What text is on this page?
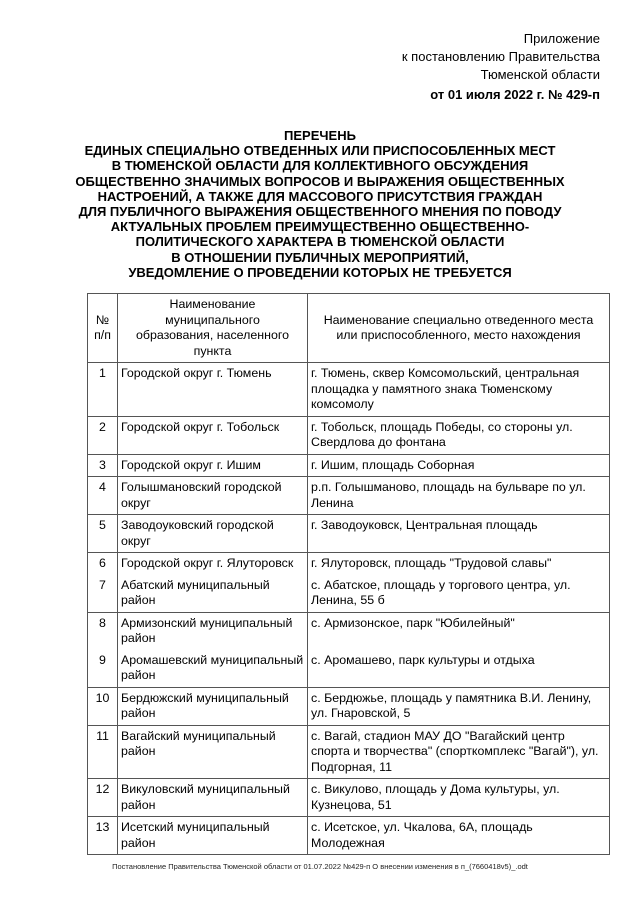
Приложение
к постановлению Правительства
Тюменской области
от 01 июля 2022 г. № 429-п
ПЕРЕЧЕНЬ
ЕДИНЫХ СПЕЦИАЛЬНО ОТВЕДЕННЫХ ИЛИ ПРИСПОСОБЛЕННЫХ МЕСТ
В ТЮМЕНСКОЙ ОБЛАСТИ ДЛЯ КОЛЛЕКТИВНОГО ОБСУЖДЕНИЯ
ОБЩЕСТВЕННО ЗНАЧИМЫХ ВОПРОСОВ И ВЫРАЖЕНИЯ ОБЩЕСТВЕННЫХ
НАСТРОЕНИЙ, А ТАКЖЕ ДЛЯ МАССОВОГО ПРИСУТСТВИЯ ГРАЖДАН
ДЛЯ ПУБЛИЧНОГО ВЫРАЖЕНИЯ ОБЩЕСТВЕННОГО МНЕНИЯ ПО ПОВОДУ
АКТУАЛЬНЫХ ПРОБЛЕМ ПРЕИМУЩЕСТВЕННО ОБЩЕСТВЕННО-
ПОЛИТИЧЕСКОГО ХАРАКТЕРА В ТЮМЕНСКОЙ ОБЛАСТИ
В ОТНОШЕНИИ ПУБЛИЧНЫХ МЕРОПРИЯТИЙ,
УВЕДОМЛЕНИЕ О ПРОВЕДЕНИИ КОТОРЫХ НЕ ТРЕБУЕТСЯ
№ п/п	Наименование муниципального образования, населенного пункта	Наименование специально отведенного места или приспособленного, место нахождения
1	Городской округ г. Тюмень	г. Тюмень, сквер Комсомольский, центральная площадка у памятного знака Тюменскому комсомолу
2	Городской округ г. Тобольск	г. Тобольск, площадь Победы, со стороны ул. Свердлова до фонтана
3	Городской округ г. Ишим	г. Ишим, площадь Соборная
4	Голышмановский городской округ	р.п. Голышманово, площадь на бульваре по ул. Ленина
5	Заводоуковский городской округ	г. Заводоуковск, Центральная площадь
6	Городской округ г. Ялуторовск	г. Ялуторовск, площадь "Трудовой славы"
7	Абатский муниципальный район	с. Абатское, площадь у торгового центра, ул. Ленина, 55 б
8	Армизонский муниципальный район	с. Армизонское, парк "Юбилейный"
9	Аромашевский муниципальный район	с. Аромашево, парк культуры и отдыха
10	Бердюжский муниципальный район	с. Бердюжье, площадь у памятника В.И. Ленину, ул. Гнаровской, 5
11	Вагайский муниципальный район	с. Вагай, стадион МАУ ДО "Вагайский центр спорта и творчества" (спорткомплекс "Вагай"), ул. Подгорная, 11
12	Викуловский муниципальный район	с. Викулово, площадь у Дома культуры, ул. Кузнецова, 51
13	Исетский муниципальный район	с. Исетское, ул. Чкалова, 6А, площадь Молодежная
Постановление Правительства Тюменской области от 01.07.2022 №429-п О внесении изменения в п_(7660418v5)_.odt
